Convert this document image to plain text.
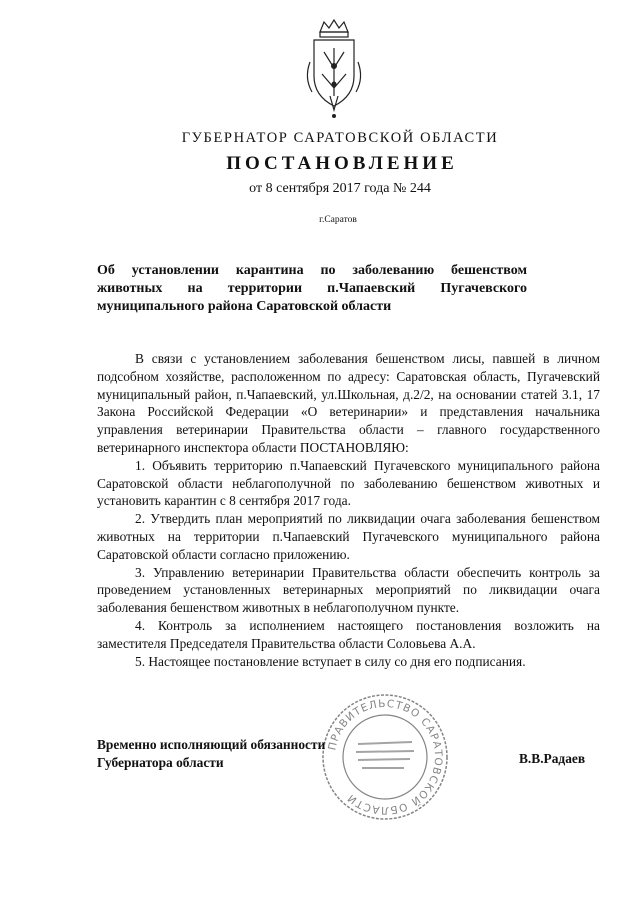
ГУБЕРНАТОР САРАТОВСКОЙ ОБЛАСТИ
ПОСТАНОВЛЕНИЕ
от 8 сентября 2017 года № 244
г.Саратов
Об установлении карантина по заболеванию бешенством
животных на территории п.Чапаевский Пугачевского
муниципального района Саратовской области

В связи с установлением заболевания бешенством лисы, павшей в личном подсобном хозяйстве, расположенном по адресу: Саратовская область, Пугачевский муниципальный район, п.Чапаевский, ул.Школьная, д.2/2, на основании статей 3.1, 17 Закона Российской Федерации «О ветеринарии» и представления начальника управления ветеринарии Правительства области – главного государственного ветеринарного инспектора области ПОСТАНОВЛЯЮ:

1. Объявить территорию п.Чапаевский Пугачевского муниципального района Саратовской области неблагополучной по заболеванию бешенством животных и установить карантин с 8 сентября 2017 года.

2. Утвердить план мероприятий по ликвидации очага заболевания бешенством животных на территории п.Чапаевский Пугачевского муниципального района Саратовской области согласно приложению.

3. Управлению ветеринарии Правительства области обеспечить контроль за проведением установленных ветеринарных мероприятий по ликвидации очага заболевания бешенством животных в неблагополучном пункте.

4. Контроль за исполнением настоящего постановления возложить на заместителя Председателя Правительства области Соловьева А.А.

5. Настоящее постановление вступает в силу со дня его подписания.

ПРАВИТЕЛЬСТВО САРАТОВСКОЙ ОБЛАСТИ
Временно исполняющий обязанности
Губернатора области	В.В.Радаев
